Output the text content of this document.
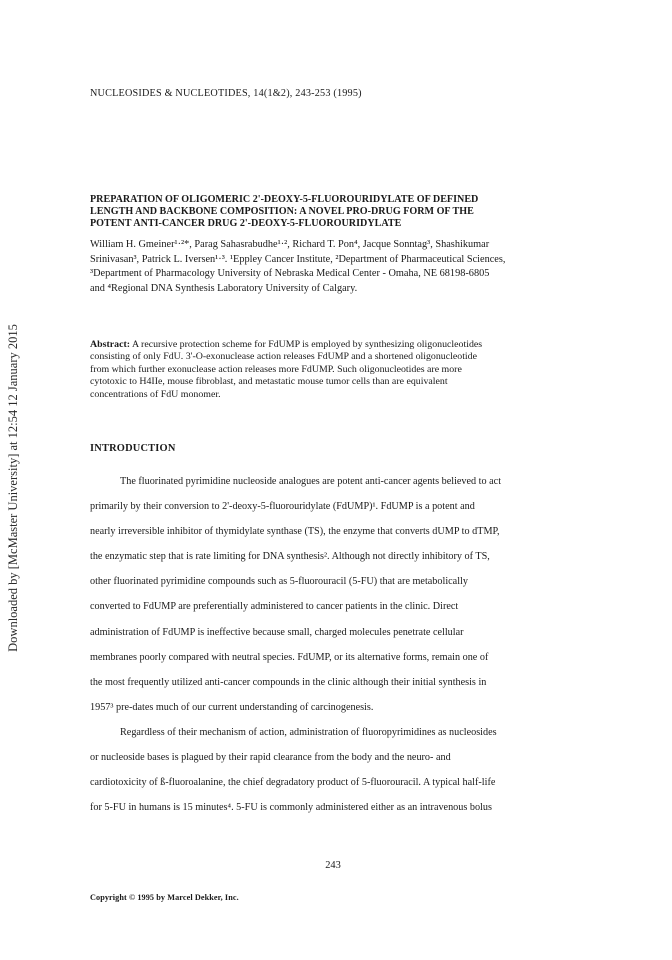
Downloaded by [McMaster University] at 12:54 12 January 2015
NUCLEOSIDES & NUCLEOTIDES, 14(1&2), 243-253 (1995)
PREPARATION OF OLIGOMERIC 2'-DEOXY-5-FLUOROURIDYLATE OF DEFINED
LENGTH AND BACKBONE COMPOSITION: A NOVEL PRO-DRUG FORM OF THE
POTENT ANTI-CANCER DRUG 2'-DEOXY-5-FLUOROURIDYLATE
William H. Gmeiner¹·²*, Parag Sahasrabudhe¹·², Richard T. Pon⁴, Jacque Sonntag³, Shashikumar
Srinivasan³, Patrick L. Iversen¹·³. ¹Eppley Cancer Institute, ²Department of Pharmaceutical Sciences,
³Department of Pharmacology University of Nebraska Medical Center - Omaha, NE 68198-6805
and ⁴Regional DNA Synthesis Laboratory University of Calgary.
Abstract: A recursive protection scheme for FdUMP is employed by synthesizing oligonucleotides
consisting of only FdU. 3'-O-exonuclease action releases FdUMP and a shortened oligonucleotide
from which further exonuclease action releases more FdUMP. Such oligonucleotides are more
cytotoxic to H4IIe, mouse fibroblast, and metastatic mouse tumor cells than are equivalent
concentrations of FdU monomer.
INTRODUCTION
The fluorinated pyrimidine nucleoside analogues are potent anti-cancer agents believed to act
primarily by their conversion to 2'-deoxy-5-fluorouridylate (FdUMP)¹. FdUMP is a potent and
nearly irreversible inhibitor of thymidylate synthase (TS), the enzyme that converts dUMP to dTMP,
the enzymatic step that is rate limiting for DNA synthesis². Although not directly inhibitory of TS,
other fluorinated pyrimidine compounds such as 5-fluorouracil (5-FU) that are metabolically
converted to FdUMP are preferentially administered to cancer patients in the clinic. Direct
administration of FdUMP is ineffective because small, charged molecules penetrate cellular
membranes poorly compared with neutral species. FdUMP, or its alternative forms, remain one of
the most frequently utilized anti-cancer compounds in the clinic although their initial synthesis in
1957³ pre-dates much of our current understanding of carcinogenesis.
Regardless of their mechanism of action, administration of fluoropyrimidines as nucleosides
or nucleoside bases is plagued by their rapid clearance from the body and the neuro- and
cardiotoxicity of ß-fluoroalanine, the chief degradatory product of 5-fluorouracil. A typical half-life
for 5-FU in humans is 15 minutes⁴. 5-FU is commonly administered either as an intravenous bolus
243
Copyright © 1995 by Marcel Dekker, Inc.
